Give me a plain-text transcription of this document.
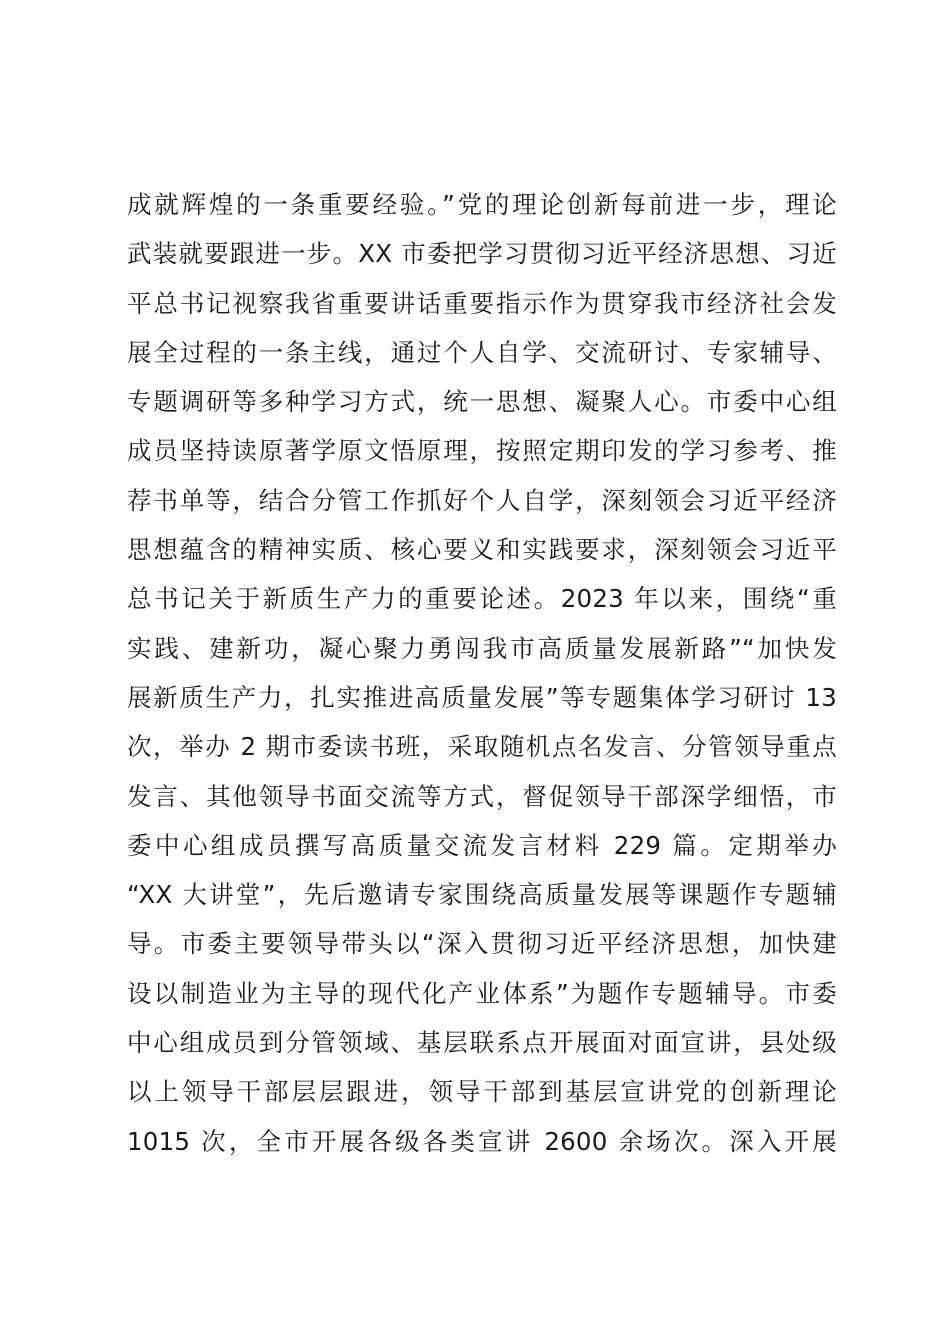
成就辉煌的一条重要经验。”党的理论创新每前进一步，理论
武装就要跟进一步。XX 市委把学习贯彻习近平经济思想、习近
平总书记视察我省重要讲话重要指示作为贯穿我市经济社会发
展全过程的一条主线，通过个人自学、交流研讨、专家辅导、
专题调研等多种学习方式，统一思想、凝聚人心。市委中心组
成员坚持读原著学原文悟原理，按照定期印发的学习参考、推
荐书单等，结合分管工作抓好个人自学，深刻领会习近平经济
思想蕴含的精神实质、核心要义和实践要求，深刻领会习近平
总书记关于新质生产力的重要论述。2023 年以来，围绕“重
实践、建新功，凝心聚力勇闯我市高质量发展新路”“加快发
展新质生产力，扎实推进高质量发展”等专题集体学习研讨 13
次，举办 2 期市委读书班，采取随机点名发言、分管领导重点
发言、其他领导书面交流等方式，督促领导干部深学细悟，市
委中心组成员撰写高质量交流发言材料 229 篇。定期举办
“XX 大讲堂”，先后邀请专家围绕高质量发展等课题作专题辅
导。市委主要领导带头以“深入贯彻习近平经济思想，加快建
设以制造业为主导的现代化产业体系”为题作专题辅导。市委
中心组成员到分管领域、基层联系点开展面对面宣讲，县处级
以上领导干部层层跟进，领导干部到基层宣讲党的创新理论
1015 次，全市开展各级各类宣讲 2600 余场次。深入开展
